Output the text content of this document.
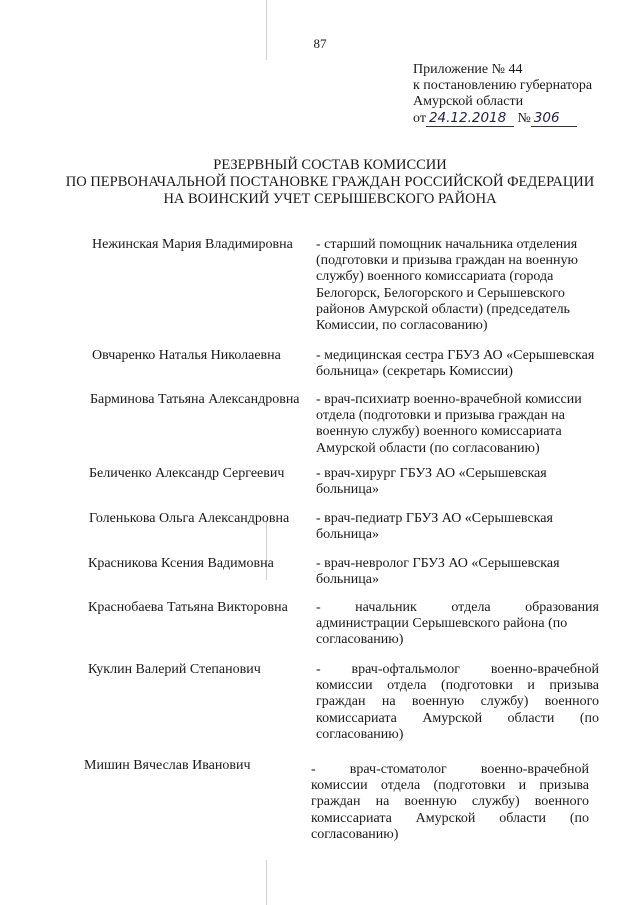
87
Приложение № 44
к постановлению губернатора
Амурской области
от 24.12.2018 № 306
РЕЗЕРВНЫЙ СОСТАВ КОМИССИИ
ПО ПЕРВОНАЧАЛЬНОЙ ПОСТАНОВКЕ ГРАЖДАН РОССИЙСКОЙ ФЕДЕРАЦИИ
НА ВОИНСКИЙ УЧЕТ СЕРЫШЕВСКОГО РАЙОНА
Нежинская Мария Владимировна - старший помощник начальника отделения
(подготовки и призыва граждан на военную
службу) военного комиссариата (города
Белогорск, Белогорского и Серышевского
районов Амурской области) (председатель
Комиссии, по согласованию)
Овчаренко Наталья Николаевна	- медицинская сестра ГБУЗ АО «Серышевская
больница» (секретарь Комиссии)
Барминова Татьяна Александровна - врач-психиатр военно-врачебной комиссии
отдела (подготовки и призыва граждан на
военную службу) военного комиссариата
Амурской области (по согласованию)
Беличенко Александр Сергеевич - врач-хирург ГБУЗ АО «Серышевская
больница»
Голенькова Ольга Александровна - врач-педиатр ГБУЗ АО «Серышевская
больница»
Красникова Ксения Вадимовна	- врач-невролог ГБУЗ АО «Серышевская
больница»
Краснобаева Татьяна Викторовна - начальник отдела образования
администрации Серышевского района (по
согласованию)
Куклин Валерий Степанович	- врач-офтальмолог военно-врачебной
комиссии отдела (подготовки и призыва
граждан на военную службу) военного
комиссариата Амурской области (по
согласованию)
Мишин Вячеслав Иванович	- врач-стоматолог военно-врачебной
комиссии отдела (подготовки и призыва
граждан на военную службу) военного
комиссариата Амурской области (по
согласованию)
